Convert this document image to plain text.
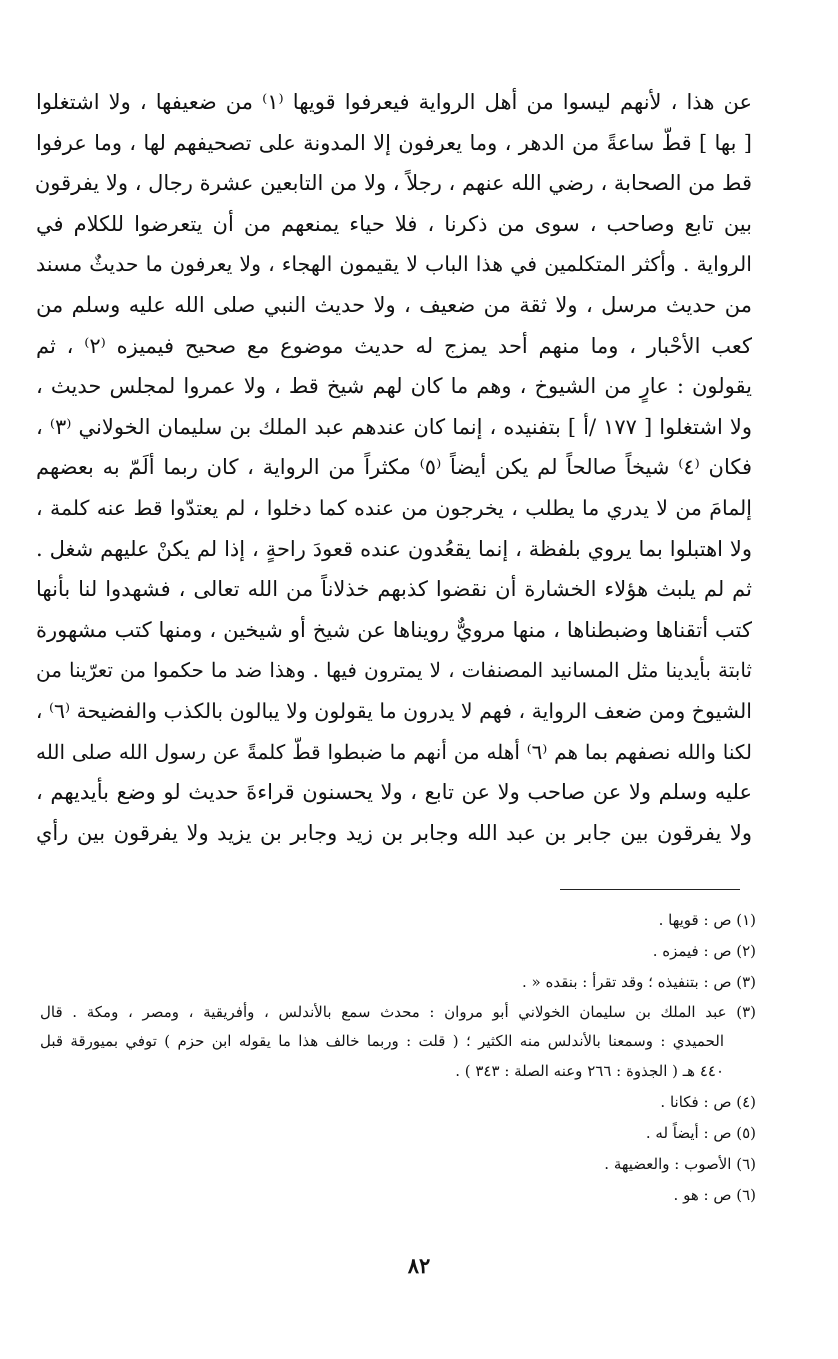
عن هذا ، لأنهم ليسوا من أهل الرواية فيعرفوا قويها ⁽١⁾ من ضعيفها ، ولا اشتغلوا
[ بها ] قطّ ساعةً من الدهر ، وما يعرفون إلا المدونة على تصحيفهم لها ، وما عرفوا
قط من الصحابة ، رضي الله عنهم ، رجلاً ، ولا من التابعين عشرة رجال ، ولا يفرقون
بين تابع وصاحب ، سوى من ذكرنا ، فلا حياء يمنعهم من أن يتعرضوا للكلام في
الرواية . وأكثر المتكلمين في هذا الباب لا يقيمون الهجاء ، ولا يعرفون ما حديثٌ مسند
من حديث مرسل ، ولا ثقة من ضعيف ، ولا حديث النبي صلى الله عليه وسلم من
كعب الأحْبار ، وما منهم أحد يمزج له حديث موضوع مع صحيح فيميزه ⁽٢⁾ ، ثم
يقولون : عارٍ من الشيوخ ، وهم ما كان لهم شيخ قط ، ولا عمروا لمجلس حديث ،
ولا اشتغلوا [ ١٧٧ /أ ] بتفنيده ، إنما كان عندهم عبد الملك بن سليمان الخولاني ⁽٣⁾ ،
فكان ⁽٤⁾ شيخاً صالحاً لم يكن أيضاً ⁽٥⁾ مكثراً من الرواية ، كان ربما ألَمّ به بعضهم
إلمامَ من لا يدري ما يطلب ، يخرجون من عنده كما دخلوا ، لم يعتدّوا قط عنه كلمة ،
ولا اهتبلوا بما يروي بلفظة ، إنما يقعُدون عنده قعودَ راحةٍ ، إذا لم يكنْ عليهم شغل .
ثم لم يلبث هؤلاء الخشارة أن نقضوا كذبهم خذلاناً من الله تعالى ، فشهدوا لنا بأنها
كتب أتقناها وضبطناها ، منها مرويٌّ رويناها عن شيخ أو شيخين ، ومنها كتب مشهورة
ثابتة بأيدينا مثل المسانيد المصنفات ، لا يمترون فيها . وهذا ضد ما حكموا من تعرّينا من
الشيوخ ومن ضعف الرواية ، فهم لا يدرون ما يقولون ولا يبالون بالكذب والفضيحة ⁽٦⁾ ،
لكنا والله نصفهم بما هم ⁽٦⁾ أهله من أنهم ما ضبطوا قطّ كلمةً عن رسول الله صلى الله
عليه وسلم ولا عن صاحب ولا عن تابع ، ولا يحسنون قراءةَ حديث لو وضع بأيديهم ،
ولا يفرقون بين جابر بن عبد الله وجابر بن زيد وجابر بن يزيد ولا يفرقون بين رأي
(١) ص : قويها .
(٢) ص : فيمزه .
(٣) ص : بتنفيذه ؛ وقد تقرأ : بنقده « .
(٣) عبد الملك بن سليمان الخولاني أبو مروان : محدث سمع بالأندلس ، وأفريقية ، ومصر ، ومكة . قال
الحميدي : وسمعنا بالأندلس منه الكثير ؛ ( قلت : وربما خالف هذا ما يقوله ابن حزم ) توفي بميورقة قبل
٤٤٠ هـ ( الجذوة : ٢٦٦ وعنه الصلة : ٣٤٣ ) .
(٤) ص : فكانا .
(٥) ص : أيضاً له .
(٦) الأصوب : والعضيهة .
(٦) ص : هو .
٨٢
